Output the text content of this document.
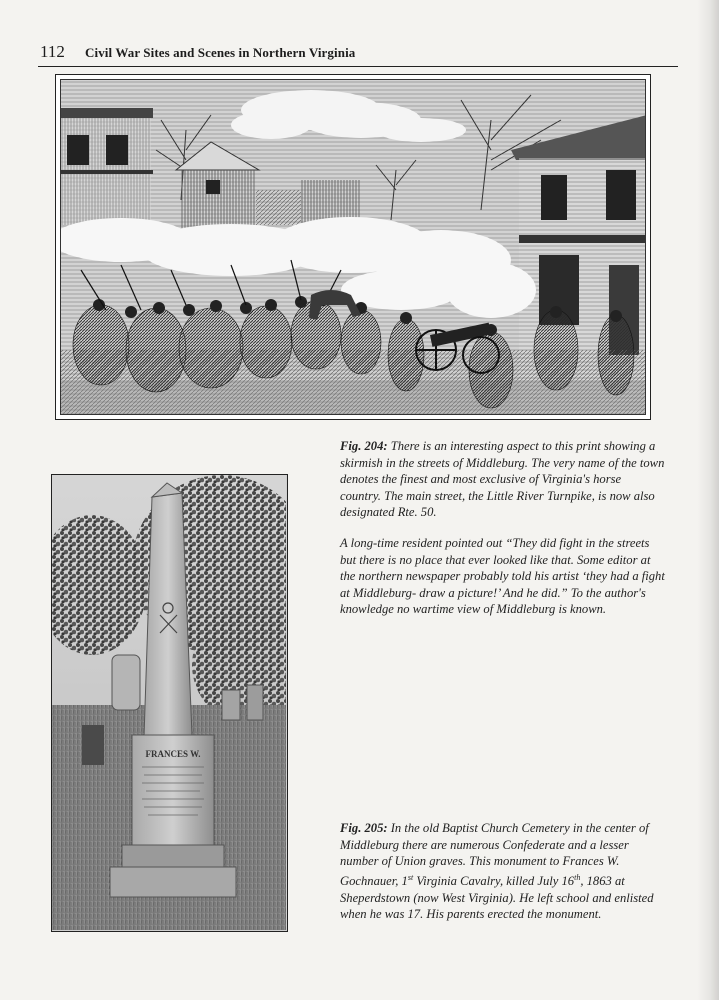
112 Civil War Sites and Scenes in Northern Virginia

Fig. 204: There is an interesting aspect to this print showing a skirmish in the streets of Middleburg. The very name of the town denotes the finest and most exclusive of Virginia's horse country. The main street, the Little River Turnpike, is now also designated Rte. 50.

A long-time resident pointed out “They did fight in the streets but there is no place that ever looked like that. Some editor at the northern newspaper probably told his artist ‘they had a fight at Middleburg- draw a picture!’ And he did.” To the author's knowledge no wartime view of Middleburg is known.

FRANCES W.

Fig. 205: In the old Baptist Church Cemetery in the center of Middleburg there are numerous Confederate and a lesser number of Union graves. This monument to Frances W. Gochnauer, 1st Virginia Cavalry, killed July 16th, 1863 at Sheperdstown (now West Virginia). He left school and enlisted when he was 17. His parents erected the monument.
